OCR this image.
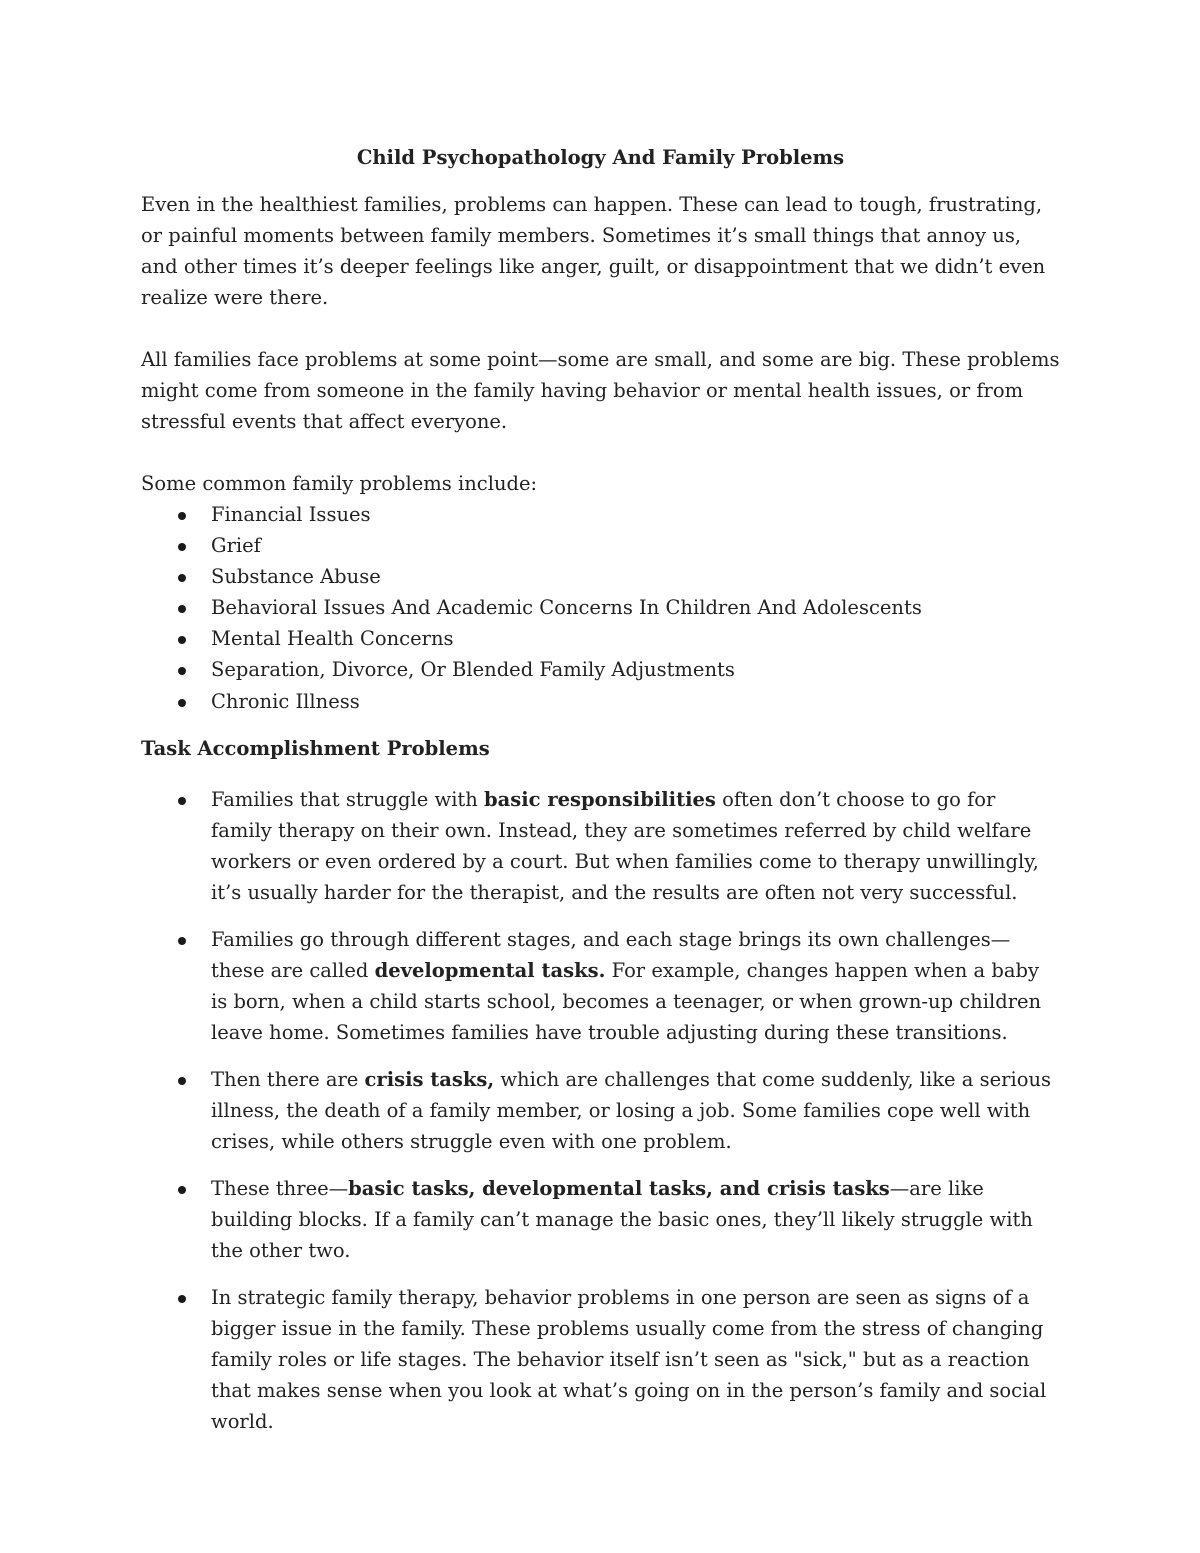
Child Psychopathology And Family Problems

Even in the healthiest families, problems can happen. These can lead to tough, frustrating, or painful moments between family members. Sometimes it’s small things that annoy us, and other times it’s deeper feelings like anger, guilt, or disappointment that we didn’t even realize were there.

All families face problems at some point—some are small, and some are big. These problems might come from someone in the family having behavior or mental health issues, or from stressful events that affect everyone.

Some common family problems include:

Financial Issues
Grief
Substance Abuse
Behavioral Issues And Academic Concerns In Children And Adolescents
Mental Health Concerns
Separation, Divorce, Or Blended Family Adjustments
Chronic Illness
Task Accomplishment Problems
Families that struggle with basic responsibilities often don’t choose to go for family therapy on their own. Instead, they are sometimes referred by child welfare workers or even ordered by a court. But when families come to therapy unwillingly, it’s usually harder for the therapist, and the results are often not very successful.
Families go through different stages, and each stage brings its own challenges—these are called developmental tasks. For example, changes happen when a baby is born, when a child starts school, becomes a teenager, or when grown-up children leave home. Sometimes families have trouble adjusting during these transitions.
Then there are crisis tasks, which are challenges that come suddenly, like a serious illness, the death of a family member, or losing a job. Some families cope well with crises, while others struggle even with one problem.
These three—basic tasks, developmental tasks, and crisis tasks—are like building blocks. If a family can’t manage the basic ones, they’ll likely struggle with the other two.
In strategic family therapy, behavior problems in one person are seen as signs of a bigger issue in the family. These problems usually come from the stress of changing family roles or life stages. The behavior itself isn’t seen as "sick," but as a reaction that makes sense when you look at what’s going on in the person’s family and social world.
